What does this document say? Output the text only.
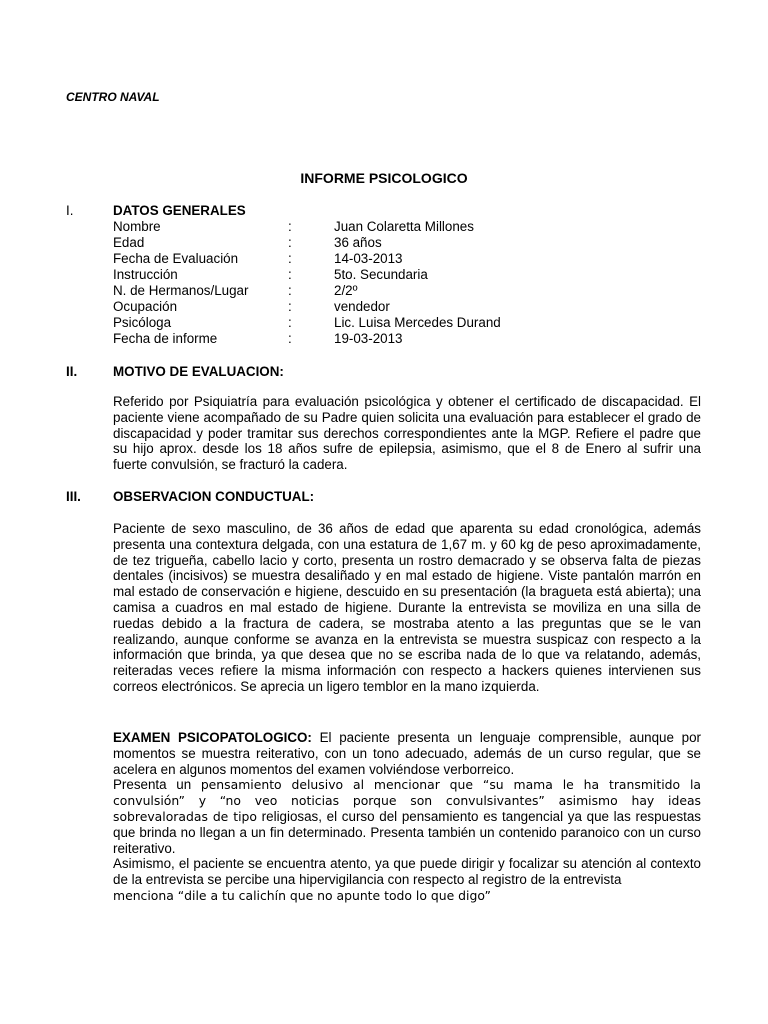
CENTRO NAVAL
INFORME PSICOLOGICO
I.	DATOS GENERALES
Nombre	:	Juan Colaretta Millones
Edad	:	36 años
Fecha de Evaluación	:	14-03-2013
Instrucción	:	5to. Secundaria
N. de Hermanos/Lugar	:	2/2º
Ocupación	:	vendedor
Psicóloga	:	Lic. Luisa Mercedes Durand
Fecha de informe	:	19-03-2013
II.	MOTIVO DE EVALUACION:

Referido por Psiquiatría para evaluación psicológica y obtener el certificado de discapacidad. El paciente viene acompañado de su Padre quien solicita una evaluación para establecer el grado de discapacidad y poder tramitar sus derechos correspondientes ante la MGP. Refiere el padre que su hijo aprox. desde los 18 años sufre de epilepsia, asimismo, que el 8 de Enero al sufrir una fuerte convulsión, se fracturó la cadera.

III.	OBSERVACION CONDUCTUAL:

Paciente de sexo masculino, de 36 años de edad que aparenta su edad cronológica, además presenta una contextura delgada, con una estatura de 1,67 m. y 60 kg de peso aproximadamente, de tez trigueña, cabello lacio y corto, presenta un rostro demacrado y se observa falta de piezas dentales (incisivos) se muestra desaliñado y en mal estado de higiene. Viste pantalón marrón en mal estado de conservación e higiene, descuido en su presentación (la bragueta está abierta); una camisa a cuadros en mal estado de higiene. Durante la entrevista se moviliza en una silla de ruedas debido a la fractura de cadera, se mostraba atento a las preguntas que se le van realizando, aunque conforme se avanza en la entrevista se muestra suspicaz con respecto a la información que brinda, ya que desea que no se escriba nada de lo que va relatando, además, reiteradas veces refiere la misma información con respecto a hackers quienes intervienen sus correos electrónicos. Se aprecia un ligero temblor en la mano izquierda.

EXAMEN PSICOPATOLOGICO: El paciente presenta un lenguaje comprensible, aunque por momentos se muestra reiterativo, con un tono adecuado, además de un curso regular, que se acelera en algunos momentos del examen volviéndose verborreico.

Presenta un pensamiento delusivo al mencionar que “su mama le ha transmitido la convulsión” y “no veo noticias porque son convulsivantes” asimismo hay ideas sobrevaloradas de tipo religiosas, el curso del pensamiento es tangencial ya que las respuestas que brinda no llegan a un fin determinado. Presenta también un contenido paranoico con un curso reiterativo.

Asimismo, el paciente se encuentra atento, ya que puede dirigir y focalizar su atención al contexto de la entrevista se percibe una hipervigilancia con respecto al registro de la entrevista

menciona “dile a tu calichín que no apunte todo lo que digo”
